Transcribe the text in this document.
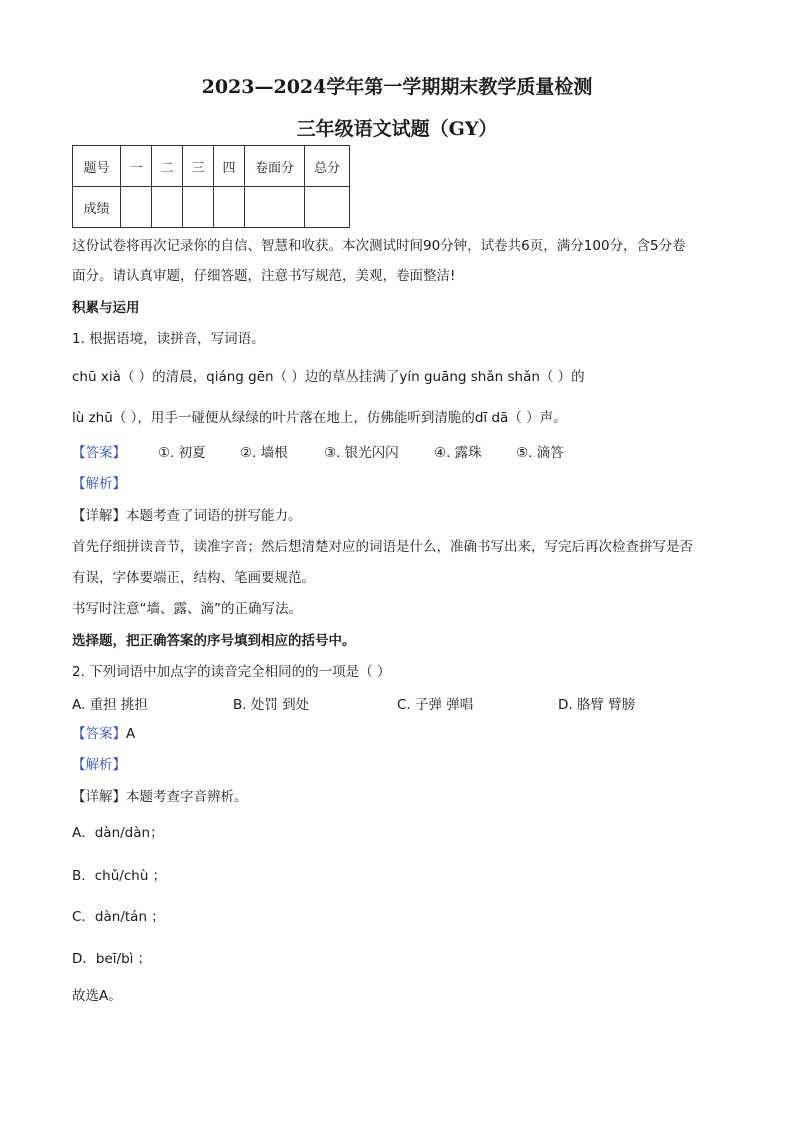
2023—2024学年第一学期期末教学质量检测
三年级语文试题（GY）
题号	一	二	三	四	卷面分	总分
成绩						
这份试卷将再次记录你的自信、智慧和收获。本次测试时间90分钟，试卷共6页，满分100分，含5分卷
面分。请认真审题，仔细答题，注意书写规范，美观，卷面整洁!
积累与运用
1. 根据语境，读拼音，写词语。
chū xià（ ）的清晨，qiáng gēn（ ）边的草丛挂满了yín guāng shǎn shǎn（ ）的
lù zhū（ ），用手一碰便从绿绿的叶片落在地上，仿佛能听到清脆的dī dā（ ）声。
【答案】 ①. 初夏	②. 墙根	③. 银光闪闪	④. 露珠	⑤. 滴答
【解析】
【详解】本题考查了词语的拼写能力。
首先仔细拼读音节，读准字音；然后想清楚对应的词语是什么，准确书写出来，写完后再次检查拼写是否
有误，字体要端正，结构、笔画要规范。
书写时注意“墙、露、滴”的正确写法。
选择题，把正确答案的序号填到相应的括号中。
2. 下列词语中加点字的读音完全相同的的一项是（ ）
A. 重担 挑担	B. 处罚 到处	C. 子弹 弹唱	D. 胳臂 臂膀
【答案】A
【解析】
【详解】本题考查字音辨析。
A．dàn/dàn；
B．chǔ/chù ；
C．dàn/tán ；
D．beī/bì ；
故选A。
